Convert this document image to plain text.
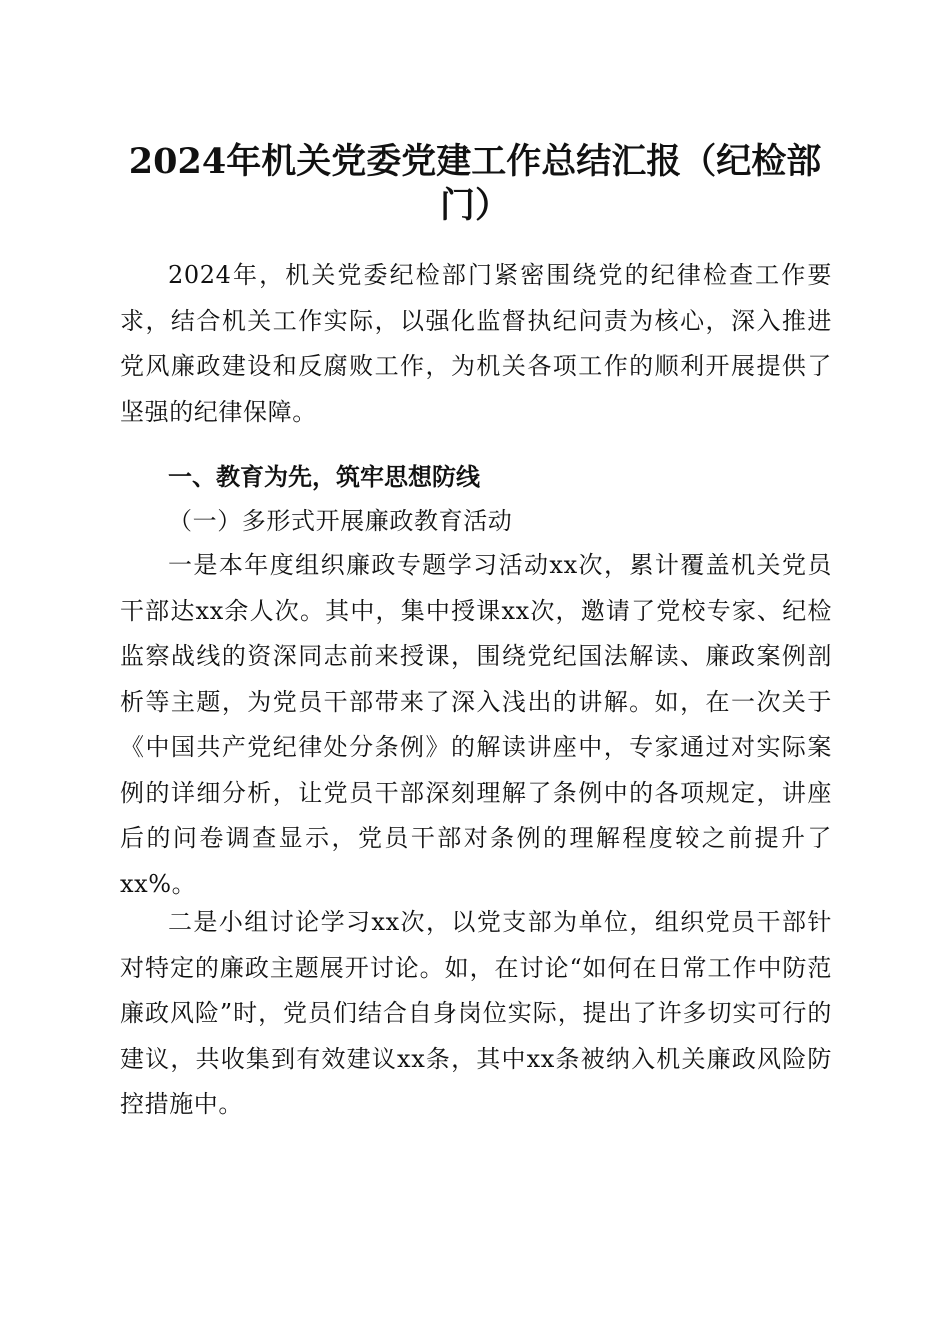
2024年机关党委党建工作总结汇报（纪检部
门）
2024年，机关党委纪检部门紧密围绕党的纪律检查工作要求，结合机关工作实际，以强化监督执纪问责为核心，深入推进党风廉政建设和反腐败工作，为机关各项工作的顺利开展提供了坚强的纪律保障。
一、教育为先，筑牢思想防线
（一）多形式开展廉政教育活动
一是本年度组织廉政专题学习活动xx次，累计覆盖机关党员干部达xx余人次。其中，集中授课xx次，邀请了党校专家、纪检监察战线的资深同志前来授课，围绕党纪国法解读、廉政案例剖析等主题，为党员干部带来了深入浅出的讲解。如，在一次关于《中国共产党纪律处分条例》的解读讲座中，专家通过对实际案例的详细分析，让党员干部深刻理解了条例中的各项规定，讲座后的问卷调查显示，党员干部对条例的理解程度较之前提升了xx%。
二是小组讨论学习xx次，以党支部为单位，组织党员干部针对特定的廉政主题展开讨论。如，在讨论“如何在日常工作中防范廉政风险”时，党员们结合自身岗位实际，提出了许多切实可行的建议，共收集到有效建议xx条，其中xx条被纳入机关廉政风险防控措施中。
